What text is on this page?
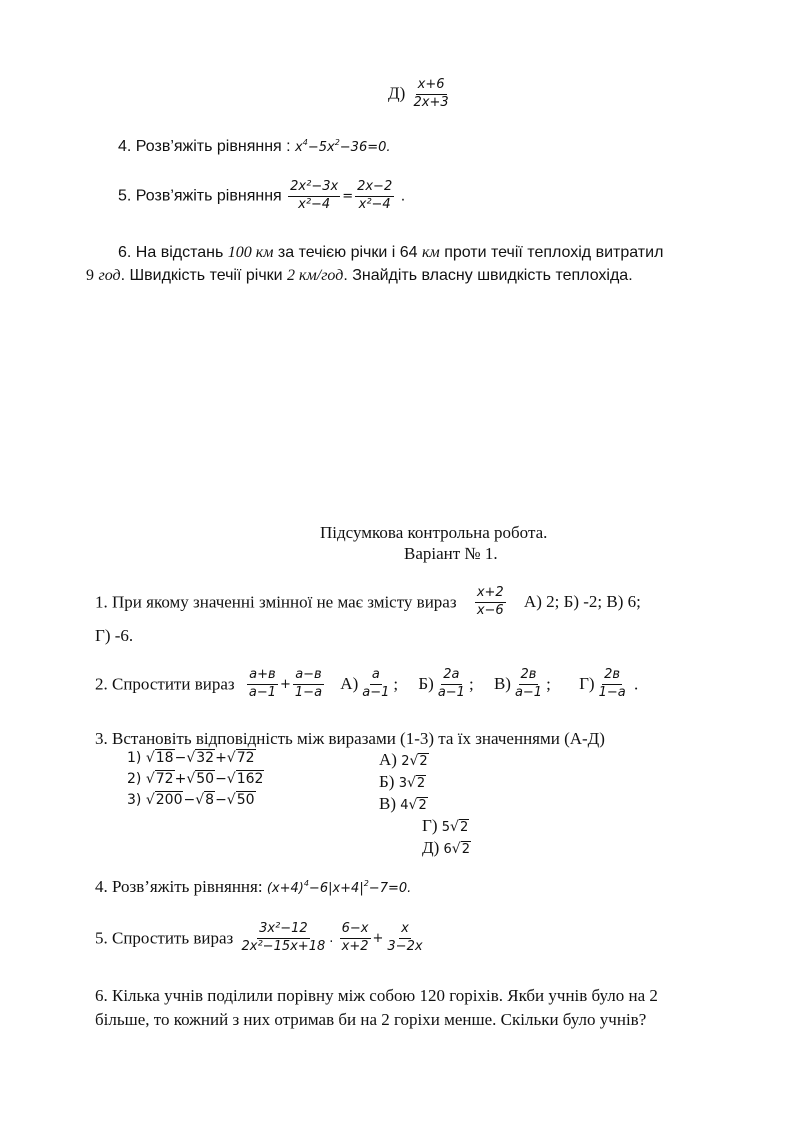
$Д) \frac{x+6}{2x+3}$
4. Розв’яжіть рівняння : $x^4-5x^2-36=0$.
5. Розв’яжіть рівняння $\frac{\text{2x²−3x}}{\text{x²−4}} = \frac{2x-2}{\text{x²−4}}$ .
6. На відстань 100 км за течією річки і 64 км проти течії теплохід витратил
9 год. Швидкість течії річки 2 км/год. Знайдіть власну швидкість теплохіда.
Підсумкова контрольна робота.
Варіант № 1.
1. При якому значенні змінної не має змісту вираз $\frac{x+2}{x-6} А$) 2; Б) -2; В) 6;
Г) -6.
2. Спростити вираз $\frac{a+в}{a-1} + \frac{a-в}{1-a} А) \frac{a}{a-1}$ ; $Б) \frac{2a}{a-1}$ ; $В) \frac{2в}{a-1}$ ; $Г) \frac{2в}{1-a}$ .
3. Встановіть відповідність між виразами (1-3) та їх значеннями (А-Д)
1) √18−√32+√72
2) √72+√50−√162
3) √200−√8−√50
А) 2√2
Б) 3√2
В) 4√2
Г) 5√2
Д) 6√2
4. Розв’яжіть рівняння: $(x+4)^4-6|x+4|^2-7=0$.
5. Спростить вираз $\frac{\text{3x²−12}}{\text{2x²−15x+18}}$ . $\frac{6-x}{x+2} + \frac{x}{3-2x}$
6. Кілька учнів поділили порівну між собою 120 горіхів. Якби учнів було на 2
більше, то кожний з них отримав би на 2 горіхи менше. Скільки було учнів?
